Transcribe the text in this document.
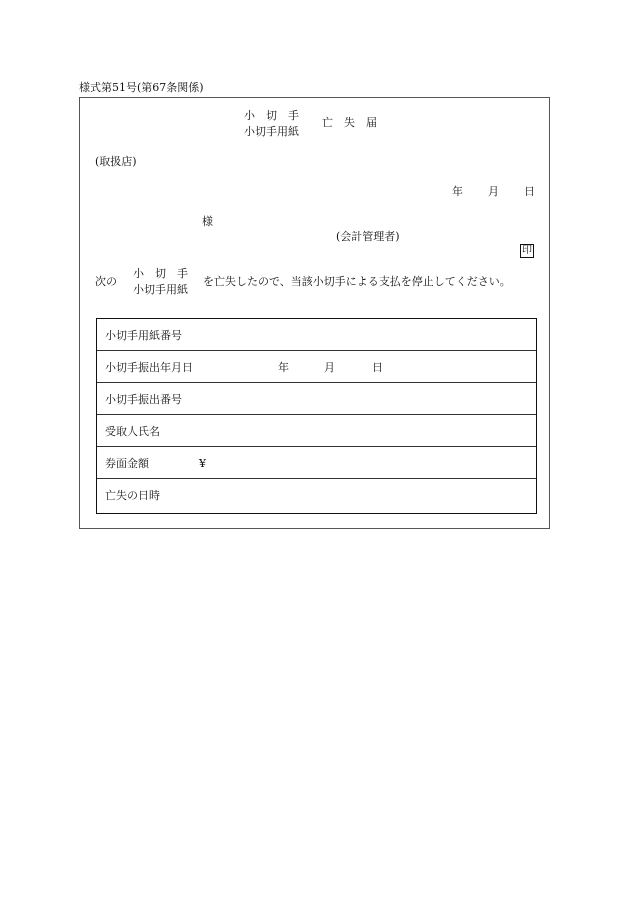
様式第51号(第67条関係)
小　切　手
小切手用紙
亡　失　届
(取扱店)
年 月 日
様
(会計管理者)
印
次の
小　切　手
小切手用紙
を亡失したので、当該小切手による支払を停止してください。
小切手用紙番号
小切手振出年月日	年	月	日
小切手振出番号
受取人氏名
券面金額	¥
亡失の日時
